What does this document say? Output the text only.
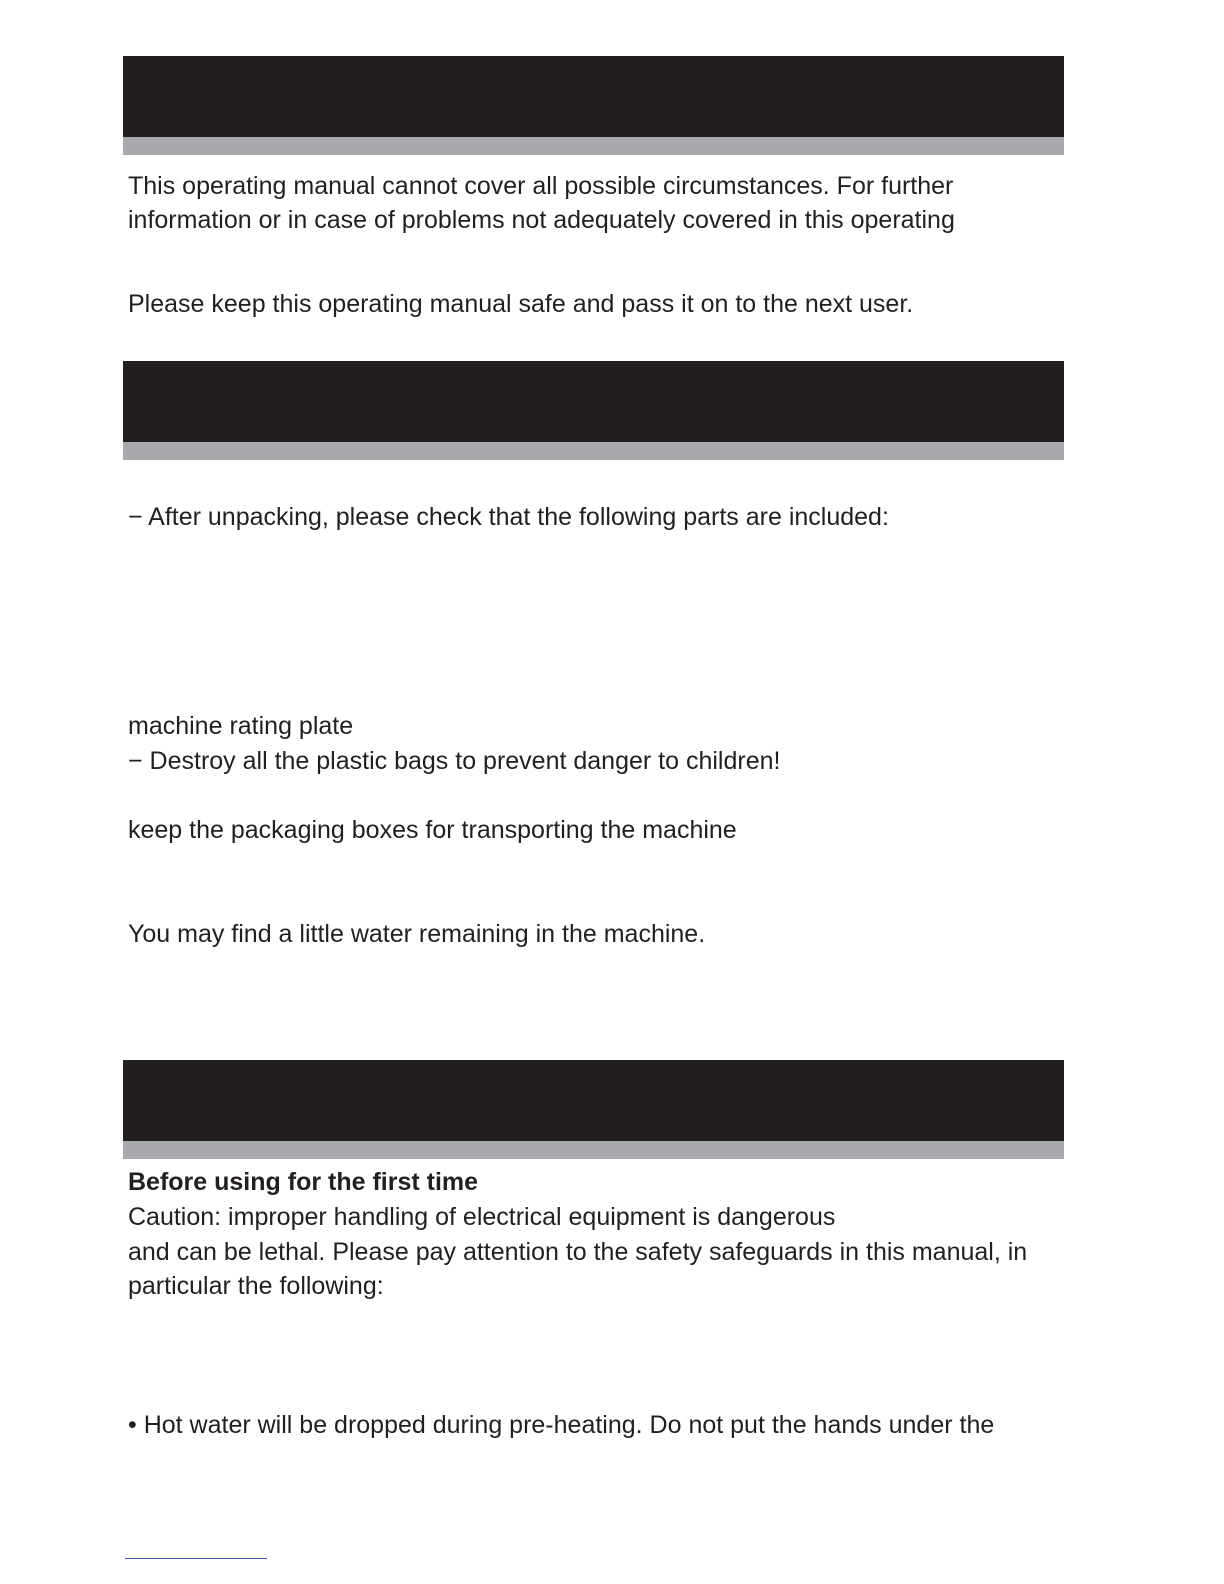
This operating manual cannot cover all possible circumstances. For further

information or in case of problems not adequately covered in this operating

Please keep this operating manual safe and pass it on to the next user.

− After unpacking, please check that the following parts are included:

machine rating plate

− Destroy all the plastic bags to prevent danger to children!

keep the packaging boxes for transporting the machine

You may find a little water remaining in the machine.

Before using for the first time

Caution: improper handling of electrical equipment is dangerous

and can be lethal. Please pay attention to the safety safeguards in this manual, in

particular the following:

• Hot water will be dropped during pre-heating. Do not put the hands under the
